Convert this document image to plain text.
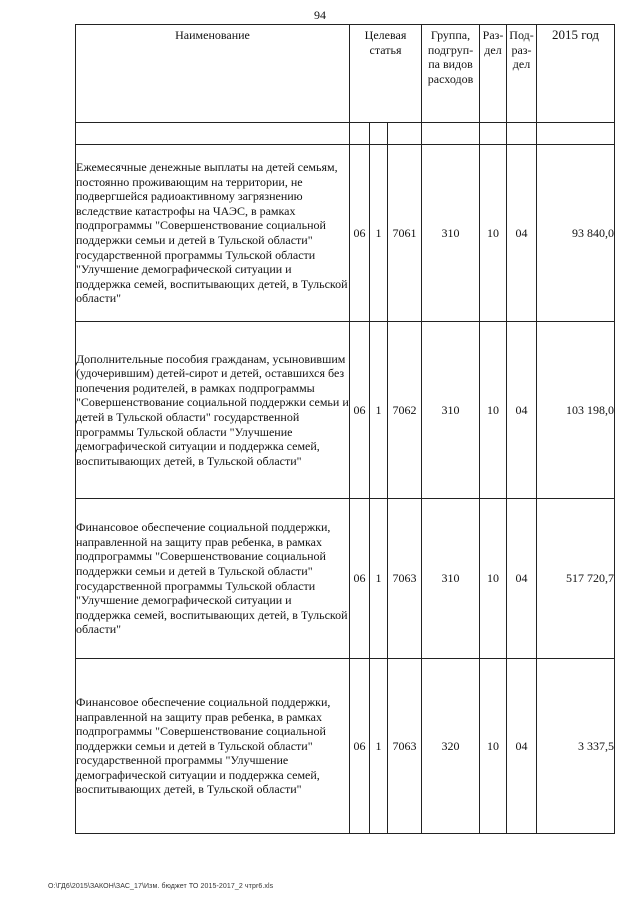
94
Наименование	Целевая статья			Группа, подгруп-па видов расходов	Раз-дел	Под-раз-дел	2015 год

Ежемесячные денежные выплаты на детей семьям, постоянно проживающим на территории, не подвергшейся радиоактивному загрязнению вследствие катастрофы на ЧАЭС, в рамках подпрограммы "Совершенствование социальной поддержки семьи и детей в Тульской области" государственной программы Тульской области "Улучшение демографической ситуации и поддержка семей, воспитывающих детей, в Тульской области"	06	1	7061	310	10	04	93 840,0
Дополнительные пособия гражданам, усыновившим (удочерившим) детей-сирот и детей, оставшихся без попечения родителей, в рамках подпрограммы "Совершенствование социальной поддержки семьи и детей в Тульской области" государственной программы Тульской области "Улучшение демографической ситуации и поддержка семей, воспитывающих детей, в Тульской области"	06	1	7062	310	10	04	103 198,0
Финансовое обеспечение социальной поддержки, направленной на защиту прав ребенка, в рамках подпрограммы "Совершенствование социальной поддержки семьи и детей в Тульской области" государственной программы Тульской области "Улучшение демографической ситуации и поддержка семей, воспитывающих детей, в Тульской области"	06	1	7063	310	10	04	517 720,7
Финансовое обеспечение социальной поддержки, направленной на защиту прав ребенка, в рамках подпрограммы "Совершенствование социальной поддержки семьи и детей в Тульской области" государственной программы "Улучшение демографической ситуации и поддержка семей, воспитывающих детей, в Тульской области"	06	1	7063	320	10	04	3 337,5
O:\ГД6\2015\ЗАКОН\ЗАС_17\Изм. бюджет ТО 2015-2017_2 чтpr6.xls
